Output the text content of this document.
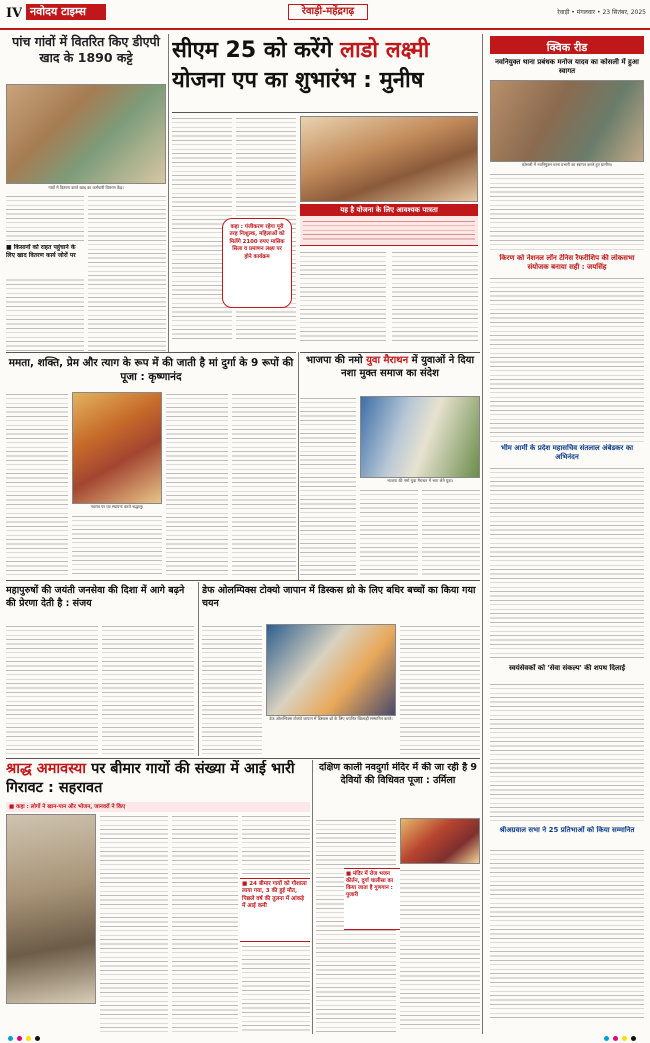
IV नवोदय टाइम्स	रेवाड़ी-महेंद्रगढ़	रेवाड़ी • मंगलवार • 23 सितंबर, 2025
पांच गांवों में वितरित किए डीएपी खाद के 1890 कट्टे
गांवों में वितरण करते खाद का कर्मचारी वितरण केंद्र।
■ किसानों को राहत पहुंचाने के लिए खाद वितरण कार्य जोरों पर
सीएम 25 को करेंगे लाडो लक्ष्मी
योजना एप का शुभारंभ : मुनीष
कहा : पंजीकरण रहेगा पूरी तरह निःशुल्क, महिलाओं को मिलेंगे 2100 रुपए मासिक सिला व प्रमाणन लक्ष्य पर होने कार्यक्रम
यह है योजना के लिए आवश्यक पात्रता
क्विक रीड
नवनियुक्त थाना प्रबंधक मनोज यादव का कोसली में हुआ स्वागत
कोसली में नवनियुक्त थाना प्रभारी का स्वागत करते हुए ग्रामीण।
किरण को नेशनल लॉन टेनिस रैफरीशिप की लोकसभा संयोजक बनाया सही : जयसिंह
भीम आर्मी के प्रदेश महासचिव संतलाल अंबेडकर का अभिनंदन
स्वयंसेवकों को 'सेवा संकल्प' की शपथ दिलाई
श्रीअग्रवाल सभा ने 25 प्रतिभाओं को किया सम्मानित
ममता, शक्ति, प्रेम और त्याग के रूप में की जाती है मां दुर्गा के 9 रूपों की पूजा : कृष्णानंद
नवरात्र पर घट स्थापना करते श्रद्धालु।
भाजपा की नमो युवा मैराथन में युवाओं ने दिया नशा मुक्त समाज का संदेश
भाजपा की नमो युवा मैराथन में भाग लेते युवा।
महापुरुषों की जयंती जनसेवा की दिशा में आगे बढ़ने की प्रेरणा देती है : संजय
डेफ ओलम्पिक्स टोक्यो जापान में डिस्कस थ्रो के लिए बधिर बच्चों का किया गया चयन
डेफ ओलम्पिक्स टोक्यो जापान में डिस्कस थ्रो के लिए चयनित खिलाड़ी सम्मानित करते।
श्राद्ध अमावस्या पर बीमार गायों की संख्या में आई भारी गिरावट : सहरावत
■ कहा : लोगों ने खान-पान और भोजन, जानवरों ने किए
■ 24 बीमार गायों को गौशाला लाया गया, 3 की हुई मौत, पिछले वर्ष की तुलना में आंकड़े में आई कमी
दक्षिण काली नवदुर्गा मंदिर में की जा रही है 9 देवियों की विधिवत पूजा : उर्मिला
■ मंदिर में रोज भजन कीर्तन, दुर्गा चालीसा का किया जाता है गुणगान : पुजारी
